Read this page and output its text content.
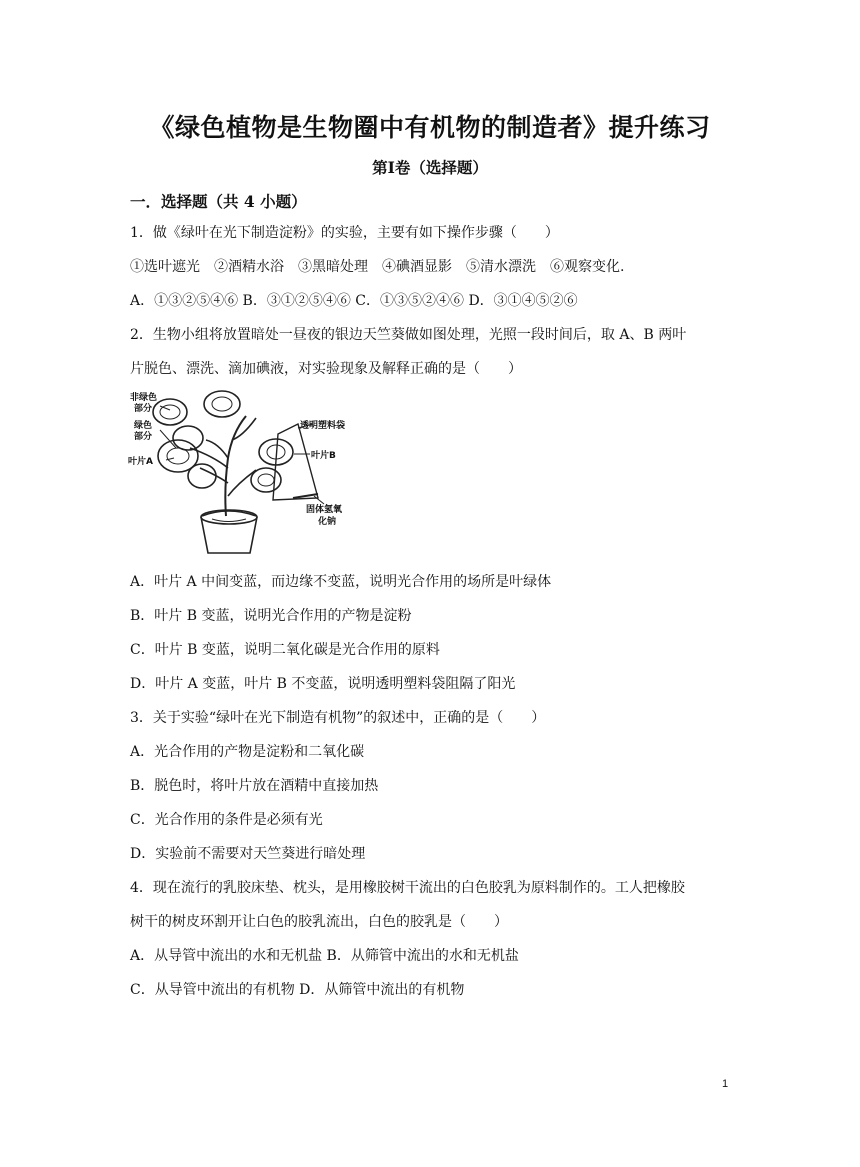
《绿色植物是生物圈中有机物的制造者》提升练习
第Ⅰ卷（选择题）
一．选择题（共 4 小题）
1．做《绿叶在光下制造淀粉》的实验，主要有如下操作步骤（　　）
①选叶遮光　②酒精水浴　③黑暗处理　④碘酒显影　⑤清水漂洗　⑥观察变化.
A．①③②⑤④⑥ B．③①②⑤④⑥ C．①③⑤②④⑥ D．③①④⑤②⑥
2．生物小组将放置暗处一昼夜的银边天竺葵做如图处理，光照一段时间后，取 A、B 两叶
片脱色、漂洗、滴加碘液，对实验现象及解释正确的是（　　）
非绿色
部分
绿色
部分
叶片A
透明塑料袋
叶片B
固体氢氧
化钠
A．叶片 A 中间变蓝，而边缘不变蓝，说明光合作用的场所是叶绿体
B．叶片 B 变蓝，说明光合作用的产物是淀粉
C．叶片 B 变蓝，说明二氧化碳是光合作用的原料
D．叶片 A 变蓝，叶片 B 不变蓝，说明透明塑料袋阻隔了阳光
3．关于实验“绿叶在光下制造有机物”的叙述中，正确的是（　　）
A．光合作用的产物是淀粉和二氧化碳
B．脱色时，将叶片放在酒精中直接加热
C．光合作用的条件是必须有光
D．实验前不需要对天竺葵进行暗处理
4．现在流行的乳胶床垫、枕头，是用橡胶树干流出的白色胶乳为原料制作的。工人把橡胶
树干的树皮环割开让白色的胶乳流出，白色的胶乳是（　　）
A．从导管中流出的水和无机盐 B．从筛管中流出的水和无机盐
C．从导管中流出的有机物 D．从筛管中流出的有机物
1
